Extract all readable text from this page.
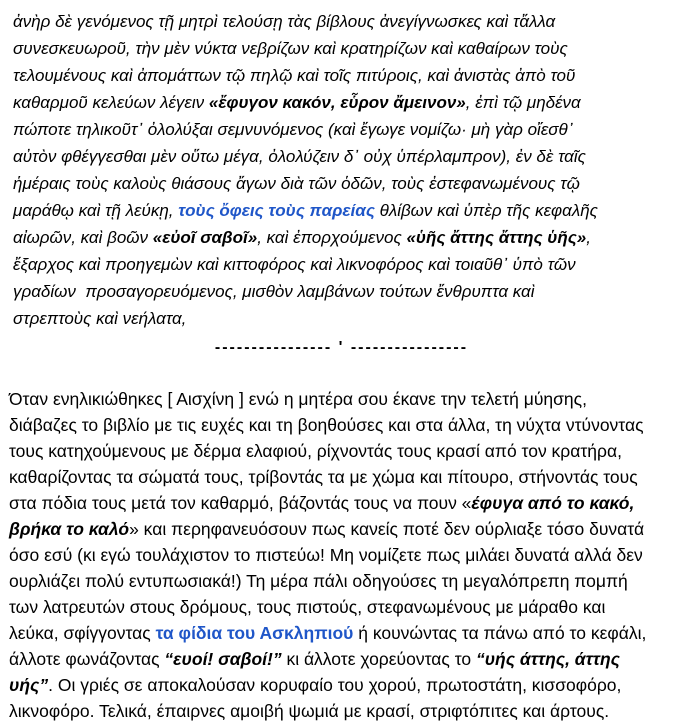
ἀνὴρ δὲ γενόμενος τῇ μητρὶ τελούσῃ τὰς βίβλους ἀνεγίγνωσκες καὶ τἄλλα
συνεσκευωροῦ, τὴν μὲν νύκτα νεβρίζων καὶ κρατηρίζων καὶ καθαίρων τοὺς
τελουμένους καὶ ἀπομάττων τῷ πηλῷ καὶ τοῖς πιτύροις, καὶ ἀνιστὰς ἀπὸ τοῦ
καθαρμοῦ κελεύων λέγειν «ἔφυγον κακόν, εὗρον ἄμεινον», ἐπὶ τῷ μηδένα
πώποτε τηλικοῦτ᾽ ὀλολύξαι σεμνυνόμενος (καὶ ἔγωγε νομίζω· μὴ γὰρ οἴεσθ᾽
αὐτὸν φθέγγεσθαι μὲν οὕτω μέγα, ὀλολύζειν δ᾽ οὐχ ὑπέρλαμπρον), ἐν δὲ ταῖς
ἡμέραις τοὺς καλοὺς θιάσους ἄγων διὰ τῶν ὁδῶν, τοὺς ἐστεφανωμένους τῷ
μαράθῳ καὶ τῇ λεύκῃ, τοὺς ὄφεις τοὺς παρείας θλίβων καὶ ὑπὲρ τῆς κεφαλῆς
αἰωρῶν, καὶ βοῶν «εὐοῖ σαβοῖ», καὶ ἐπορχούμενος «ὑῆς ἄττης ἄττης ὑῆς»,
ἔξαρχος καὶ προηγεμὼν καὶ κιττοφόρος καὶ λικνοφόρος καὶ τοιαῦθ᾽ ὑπὸ τῶν
γραδίων  προσαγορευόμενος, μισθὸν λαμβάνων τούτων ἔνθρυπτα καὶ
στρεπτοὺς καὶ νεήλατα,
---------------- ' ----------------
Όταν ενηλικιώθηκες [ Αισχίνη ] ενώ η μητέρα σου έκανε την τελετή μύησης,
διάβαζες το βιβλίο με τις ευχές και τη βοηθούσες και στα άλλα, τη νύχτα ντύνοντας
τους κατηχούμενους με δέρμα ελαφιού, ρίχνοντάς τους κρασί από τον κρατήρα,
καθαρίζοντας τα σώματά τους, τρίβοντάς τα με χώμα και πίτουρο, στήνοντάς τους
στα πόδια τους μετά τον καθαρμό, βάζοντάς τους να πουν «έφυγα από το κακό,
βρήκα το καλό» και περηφανευόσουν πως κανείς ποτέ δεν ούρλιαξε τόσο δυνατά
όσο εσύ (κι εγώ τουλάχιστον το πιστεύω! Μη νομίζετε πως μιλάει δυνατά αλλά δεν
ουρλιάζει πολύ εντυπωσιακά!) Τη μέρα πάλι οδηγούσες τη μεγαλόπρεπη πομπή
των λατρευτών στους δρόμους, τους πιστούς, στεφανωμένους με μάραθο και
λεύκα, σφίγγοντας τα φίδια του Ασκληπιού ή κουνώντας τα πάνω από το κεφάλι,
άλλοτε φωνάζοντας “ευοί! σαβοί!” κι άλλοτε χορεύοντας το “υής άττης, άττης
υής”. Οι γριές σε αποκαλούσαν κορυφαίο του χορού, πρωτοστάτη, κισσοφόρο,
λικνοφόρο. Τελικά, έπαιρνες αμοιβή ψωμιά με κρασί, στριφτόπιτες και άρτους.
